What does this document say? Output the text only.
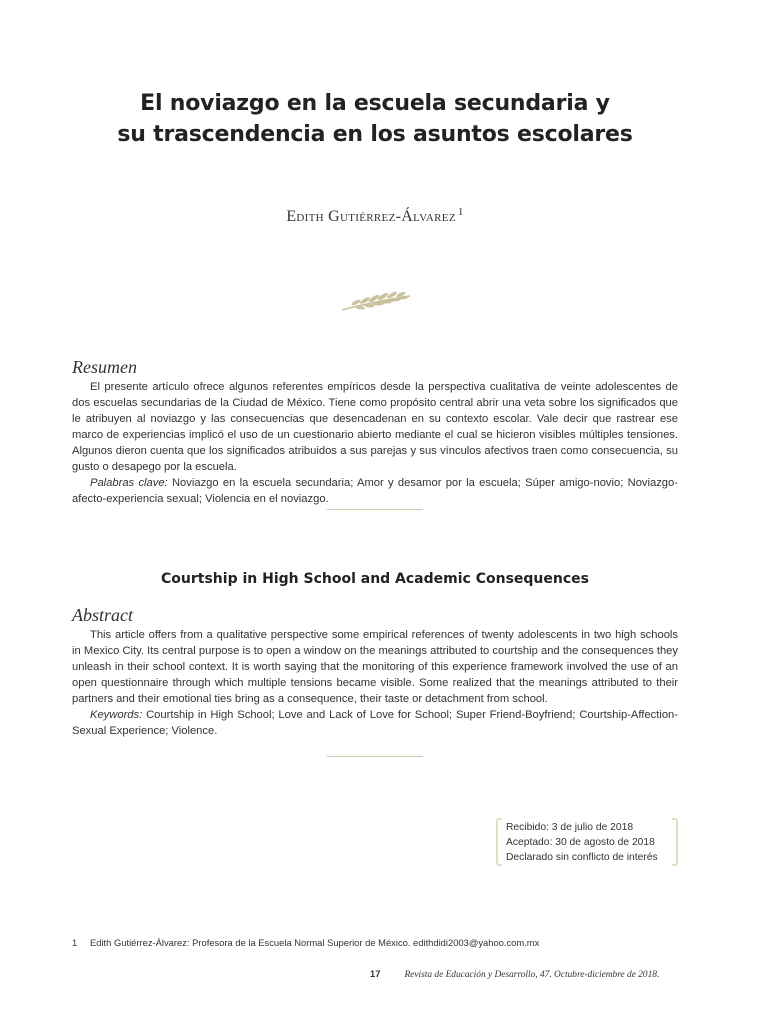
El noviazgo en la escuela secundaria y
su trascendencia en los asuntos escolares
Edith Gutiérrez-Álvarez $^1$
Resumen

El presente artículo ofrece algunos referentes empíricos desde la perspectiva cualitativa de veinte adolescentes de dos escuelas secundarias de la Ciudad de México. Tiene como propósito central abrir una veta sobre los significados que le atribuyen al noviazgo y las consecuencias que desencadenan en su contexto escolar. Vale decir que rastrear ese marco de experiencias implicó el uso de un cuestionario abierto mediante el cual se hicieron visibles múltiples tensiones. Algunos dieron cuenta que los significados atribuidos a sus parejas y sus vínculos afectivos traen como consecuencia, su gusto o desapego por la escuela.

Palabras clave: Noviazgo en la escuela secundaria; Amor y desamor por la escuela; Súper amigo-novio; Noviazgo-afecto-experiencia sexual; Violencia en el noviazgo.

Courtship in High School and Academic Consequences
Abstract

This article offers from a qualitative perspective some empirical references of twenty adolescents in two high schools in Mexico City. Its central purpose is to open a window on the meanings attributed to courtship and the consequences they unleash in their school context. It is worth saying that the monitoring of this experience framework involved the use of an open questionnaire through which multiple tensions became visible. Some realized that the meanings attributed to their partners and their emotional ties bring as a consequence, their taste or detachment from school.

Keywords: Courtship in High School; Love and Lack of Love for School; Super Friend-Boyfriend; Courtship-Affection-Sexual Experience; Violence.

Recibido: 3 de julio de 2018
Aceptado: 30 de agosto de 2018
Declarado sin conflicto de interés
1 Edith Gutiérrez-Álvarez: Profesora de la Escuela Normal Superior de México. edithdidi2003@yahoo.com.mx
17	Revista de Educación y Desarrollo, 47. Octubre-diciembre de 2018.
